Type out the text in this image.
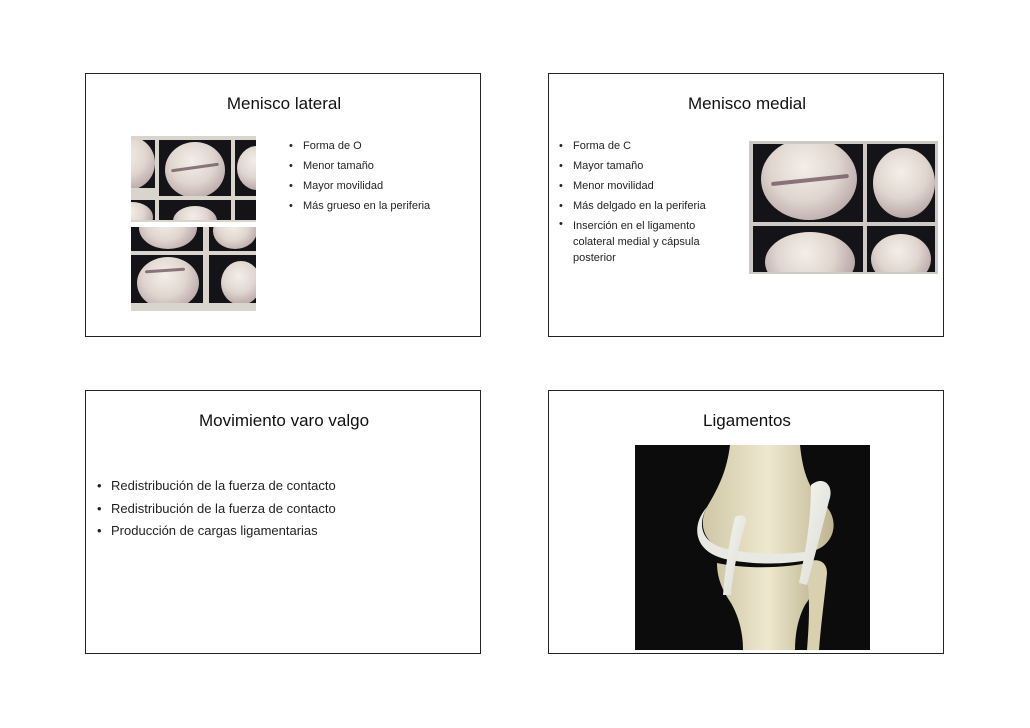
Menisco lateral
• Forma de O
• Menor tamaño
• Mayor movilidad
• Más grueso en la periferia
Menisco medial
• Forma de C
• Mayor tamaño
• Menor movilidad
• Más delgado en la periferia
• Inserción en el ligamento colateral medial y cápsula posterior
Movimiento varo valgo
• Redistribución de la fuerza de contacto
• Redistribución de la fuerza de contacto
• Producción de cargas ligamentarias
Ligamentos
